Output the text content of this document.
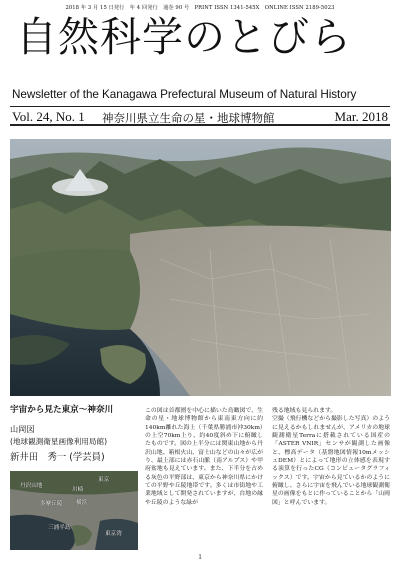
2018 年 3 月 15 日発行　年 4 回発行　通巻 90 号　PRINT ISSN 1341-545X　ONLINE ISSN 2189-5023
自然科学のとびら
Newsletter of the Kanagawa Prefectural Museum of Natural History
Vol. 24, No. 1 神奈川県立生命の星・地球博物館	Mar. 2018
宇宙から見た東京〜神奈川
山岡図
(地球観測衛星画像利用局館)
新井田　秀一 (学芸員)
東京
川崎
横浜
丹沢山地
多摩丘陵
三浦半島
東京湾
この図は首都圏を中心に描いた鳥瞰図で、生命の星・地球博物館から東南東方向に約140km離れた海上（千葉県勝浦市沖30km）の上空70km上り、約40度斜め下に俯瞰したものです。図の上半分には関東山地から丹沢山地、箱根火山、富士山などの山々が広がり、最上部には赤石山脈（南アルプス）や甲府盆地も見えています。また、下半分を占める灰色の平野部は、東京から神奈川県にかけての平野や丘陵地帯です。多くは市街地や工業地域として開発されていますが、台地の縁や丘陵のような緑が
残る地域も見られます。
空撮（飛行機などから撮影した写真）のように見えるかもしれませんが、アメリカの地球観測衛星Terraに搭載されている国産の「ASTER VNIR」センサが観測した画像と、標高データ（基盤地図情報10mメッシュDEM）とによって地形の立体感を表現する演算を行ったCG（コンピュータグラフィックス）です。宇宙から見ているかのように俯瞰し、さらに宇宙を飛んでいる地球観測衛星の画像をもとに作っていることから「山岡図」と呼んでいます。
1
